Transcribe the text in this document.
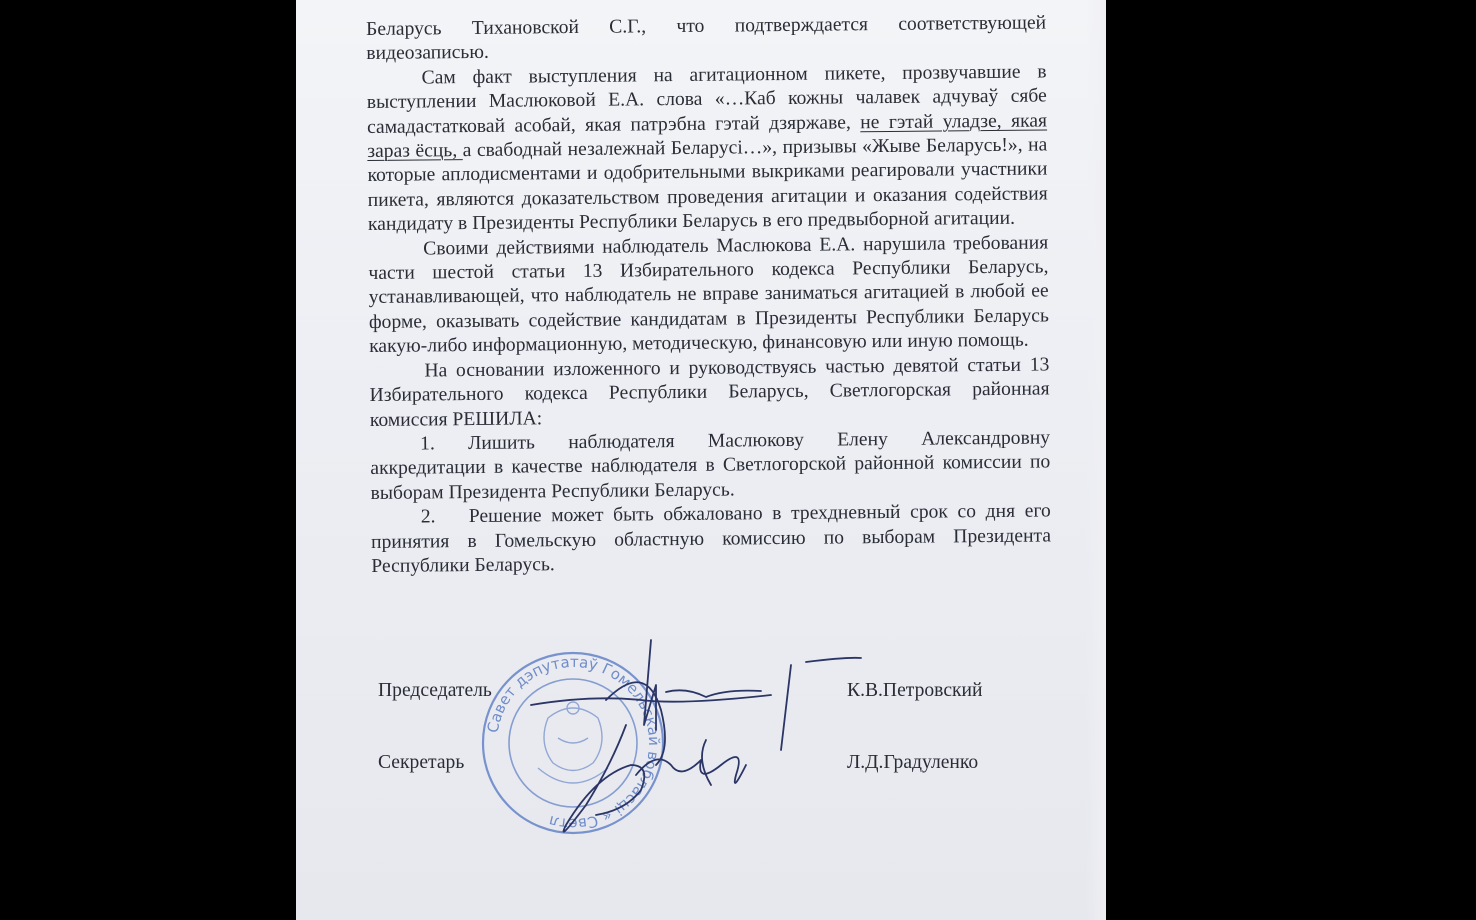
Беларусь Тихановской С.Г., что подтверждается соответствующей видеозаписью.

Сам факт выступления на агитационном пикете, прозвучавшие в выступлении Маслюковой Е.А. слова «…Каб кожны чалавек адчуваў сябе самадастатковай асобай, якая патрэбна гэтай дзяржаве, не гэтай уладзе, якая зараз ёсць, а свабоднай незалежнай Беларусі…», призывы «Жыве Беларусь!», на которые аплодисментами и одобрительными выкриками реагировали участники пикета, являются доказательством проведения агитации и оказания содействия кандидату в Президенты Республики Беларусь в его предвыборной агитации.

Своими действиями наблюдатель Маслюкова Е.А. нарушила требования части шестой статьи 13 Избирательного кодекса Республики Беларусь, устанавливающей, что наблюдатель не вправе заниматься агитацией в любой ее форме, оказывать содействие кандидатам в Президенты Республики Беларусь какую-либо информационную, методическую, финансовую или иную помощь.

На основании изложенного и руководствуясь частью девятой статьи 13 Избирательного кодекса Республики Беларусь, Светлогорская районная комиссия РЕШИЛА:

1. Лишить наблюдателя Маслюкову Елену Александровну аккредитации в качестве наблюдателя в Светлогорской районной комиссии по выборам Президента Республики Беларусь.

2. Решение может быть обжаловано в трехдневный срок со дня его принятия в Гомельскую областную комиссию по выборам Президента Республики Беларусь.

Савет дэпутатаў Гомельскай вобласці « Светл
Председатель	К.В.Петровский
Секретарь	Л.Д.Градуленко
